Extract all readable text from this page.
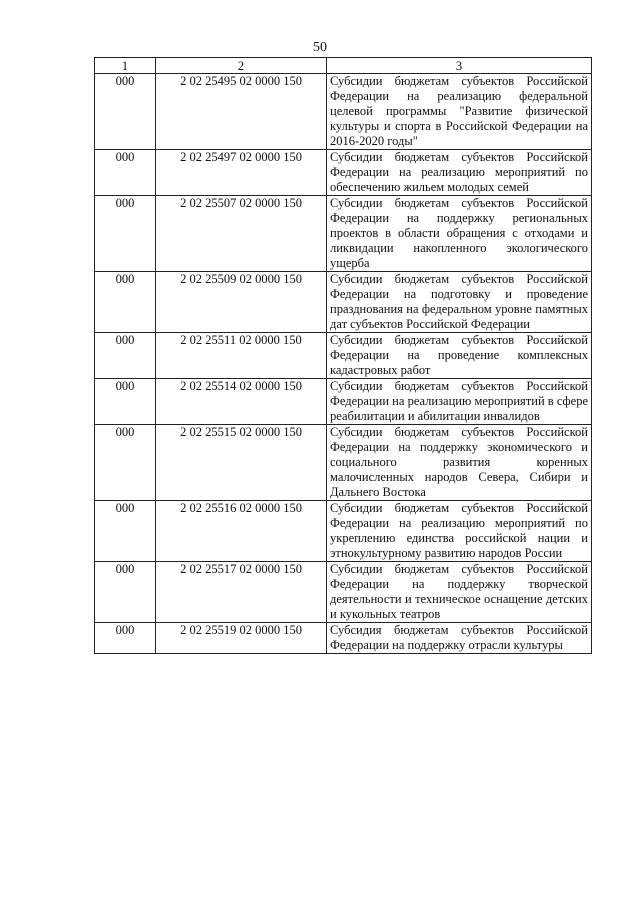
50
1	2	3
000	2 02 25495 02 0000 150	Субсидии бюджетам субъектов Российской Федерации на реализацию федеральной целевой программы "Развитие физической культуры и спорта в Российской Федерации на 2016-2020 годы"
000	2 02 25497 02 0000 150	Субсидии бюджетам субъектов Российской Федерации на реализацию мероприятий по обеспечению жильем молодых семей
000	2 02 25507 02 0000 150	Субсидии бюджетам субъектов Российской Федерации на поддержку региональных проектов в области обращения с отходами и ликвидации накопленного экологического ущерба
000	2 02 25509 02 0000 150	Субсидии бюджетам субъектов Российской Федерации на подготовку и проведение празднования на федеральном уровне памятных дат субъектов Российской Федерации
000	2 02 25511 02 0000 150	Субсидии бюджетам субъектов Российской Федерации на проведение комплексных кадастровых работ
000	2 02 25514 02 0000 150	Субсидии бюджетам субъектов Российской Федерации на реализацию мероприятий в сфере реабилитации и абилитации инвалидов
000	2 02 25515 02 0000 150	Субсидии бюджетам субъектов Российской Федерации на поддержку экономического и социального развития коренных малочисленных народов Севера, Сибири и Дальнего Востока
000	2 02 25516 02 0000 150	Субсидии бюджетам субъектов Российской Федерации на реализацию мероприятий по укреплению единства российской нации и этнокультурному развитию народов России
000	2 02 25517 02 0000 150	Субсидии бюджетам субъектов Российской Федерации на поддержку творческой деятельности и техническое оснащение детских и кукольных театров
000	2 02 25519 02 0000 150	Субсидия бюджетам субъектов Российской Федерации на поддержку отрасли культуры
